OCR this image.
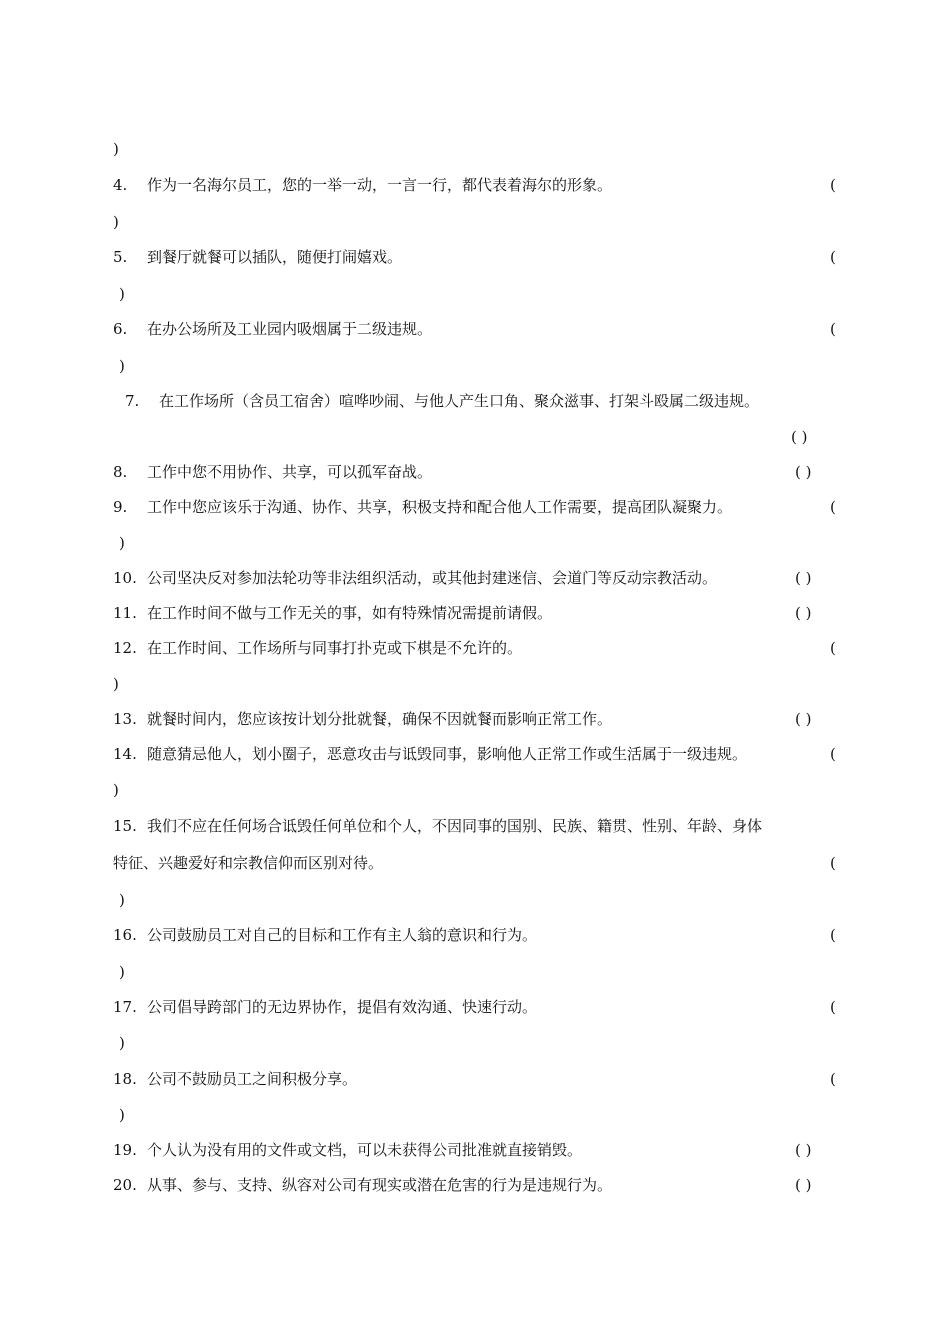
)
4. 作为一名海尔员工，您的一举一动，一言一行，都代表着海尔的形象。	(
)
5. 到餐厅就餐可以插队，随便打闹嬉戏。	(
)
6. 在办公场所及工业园内吸烟属于二级违规。	(
)
7. 在工作场所（含员工宿舍）喧哗吵闹、与他人产生口角、聚众滋事、打架斗殴属二级违规。
( )
8. 工作中您不用协作、共享，可以孤军奋战。	( )
9. 工作中您应该乐于沟通、协作、共享，积极支持和配合他人工作需要，提高团队凝聚力。	(
)
10. 公司坚决反对参加法轮功等非法组织活动，或其他封建迷信、会道门等反动宗教活动。	( )
11. 在工作时间不做与工作无关的事，如有特殊情况需提前请假。	( )
12. 在工作时间、工作场所与同事打扑克或下棋是不允许的。	(
)
13. 就餐时间内，您应该按计划分批就餐，确保不因就餐而影响正常工作。	( )
14. 随意猜忌他人，划小圈子，恶意攻击与诋毁同事，影响他人正常工作或生活属于一级违规。	(
)
15. 我们不应在任何场合诋毁任何单位和个人，不因同事的国别、民族、籍贯、性别、年龄、身体
特征、兴趣爱好和宗教信仰而区别对待。	(
)
16. 公司鼓励员工对自己的目标和工作有主人翁的意识和行为。	(
)
17. 公司倡导跨部门的无边界协作，提倡有效沟通、快速行动。	(
)
18. 公司不鼓励员工之间积极分享。	(
)
19. 个人认为没有用的文件或文档，可以未获得公司批准就直接销毁。	( )
20. 从事、参与、支持、纵容对公司有现实或潜在危害的行为是违规行为。	( )
